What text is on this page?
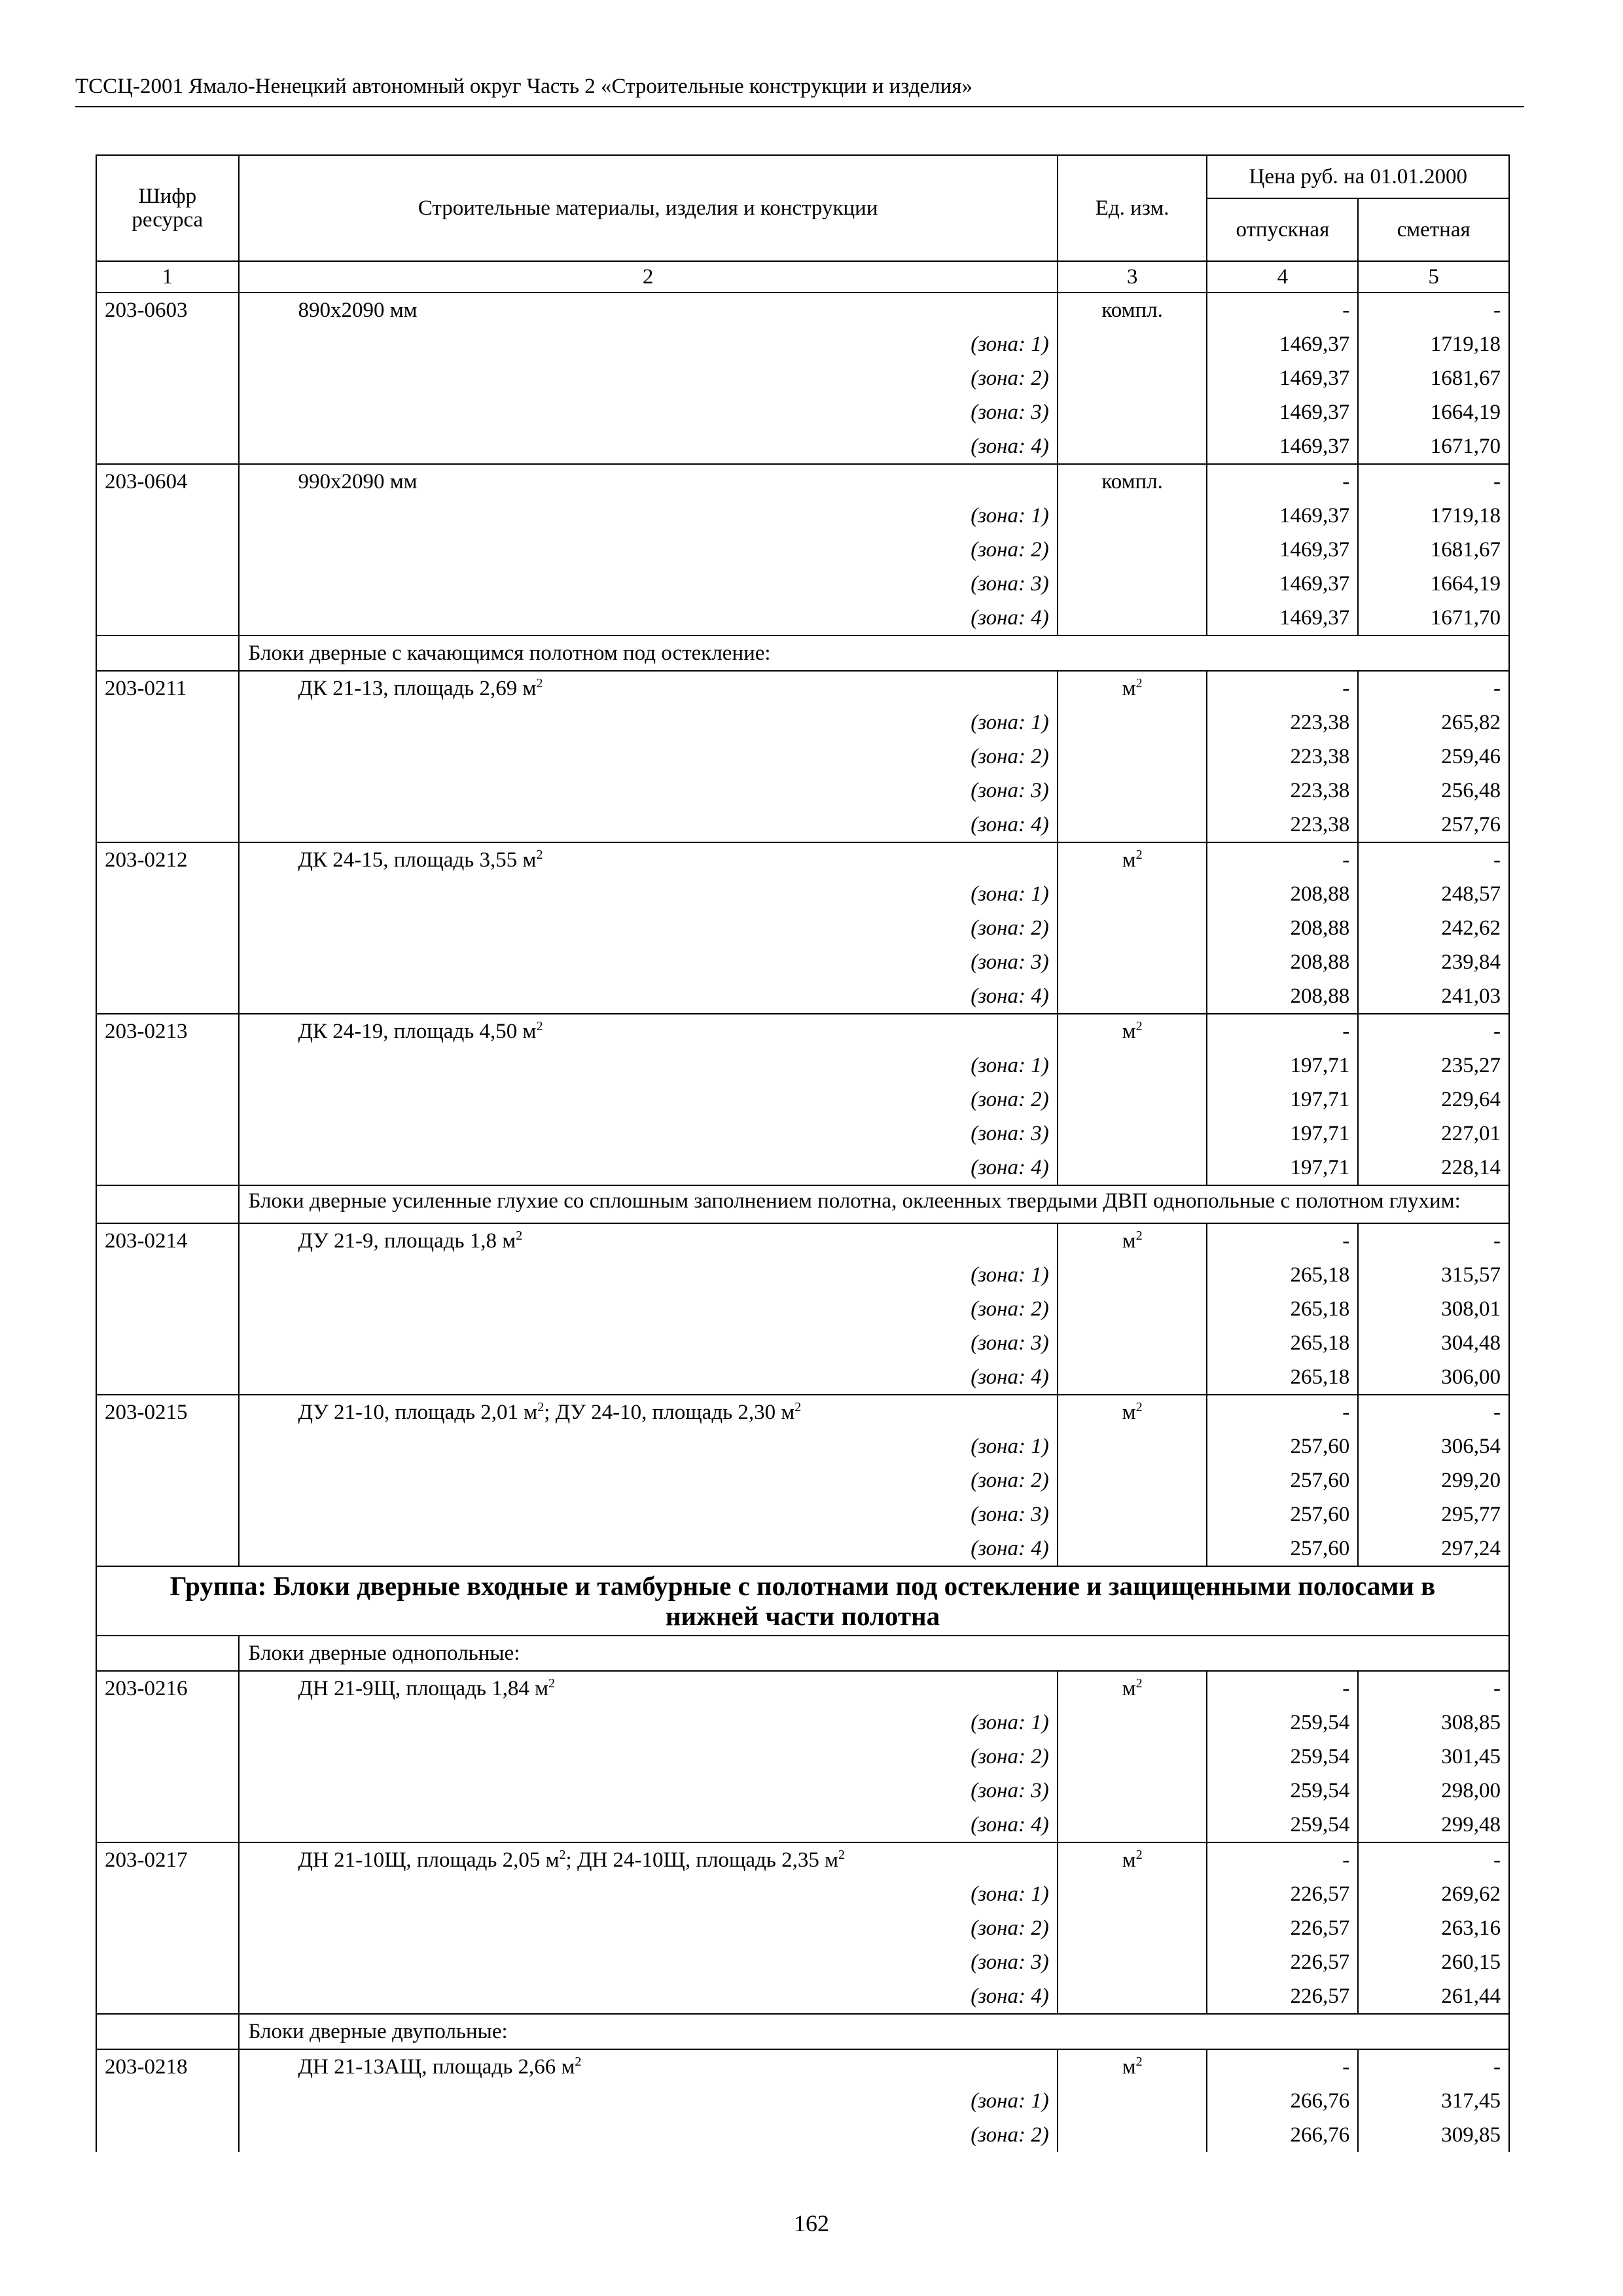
ТССЦ-2001 Ямало-Ненецкий автономный округ Часть 2 «Строительные конструкции и изделия»
Шифр ресурса	Строительные материалы, изделия и конструкции	Ед. изм.	Цена руб. на 01.01.2000	
			отпускная	сметная
1	2	3	4	5
203-0603	890х2090 мм	компл.	-	-
	(зона: 1)		1469,37	1719,18
	(зона: 2)		1469,37	1681,67
	(зона: 3)		1469,37	1664,19
	(зона: 4)		1469,37	1671,70
203-0604	990х2090 мм	компл.	-	-
	(зона: 1)		1469,37	1719,18
	(зона: 2)		1469,37	1681,67
	(зона: 3)		1469,37	1664,19
	(зона: 4)		1469,37	1671,70
	Блоки дверные с качающимся полотном под остекление:			
203-0211	ДК 21-13, площадь 2,69 $м^2$	$м^2$	-	-
	(зона: 1)		223,38	265,82
	(зона: 2)		223,38	259,46
	(зона: 3)		223,38	256,48
	(зона: 4)		223,38	257,76
203-0212	ДК 24-15, площадь 3,55 $м^2$	$м^2$	-	-
	(зона: 1)		208,88	248,57
	(зона: 2)		208,88	242,62
	(зона: 3)		208,88	239,84
	(зона: 4)		208,88	241,03
203-0213	ДК 24-19, площадь 4,50 $м^2$	$м^2$	-	-
	(зона: 1)		197,71	235,27
	(зона: 2)		197,71	229,64
	(зона: 3)		197,71	227,01
	(зона: 4)		197,71	228,14
	Блоки дверные усиленные глухие со сплошным заполнением полотна, оклеенных твердыми ДВП однопольные с полотном глухим:			
203-0214	ДУ 21-9, площадь 1,8 $м^2$	$м^2$	-	-
	(зона: 1)		265,18	315,57
	(зона: 2)		265,18	308,01
	(зона: 3)		265,18	304,48
	(зона: 4)		265,18	306,00
203-0215	ДУ 21-10, площадь 2,01 $м^2$; ДУ 24-10, площадь 2,30 $м^2$	$м^2$	-	-
	(зона: 1)		257,60	306,54
	(зона: 2)		257,60	299,20
	(зона: 3)		257,60	295,77
	(зона: 4)		257,60	297,24
Группа: Блоки дверные входные и тамбурные с полотнами под остекление и защищенными полосами в нижней части полотна				
	Блоки дверные однопольные:			
203-0216	ДН 21-9Щ, площадь 1,84 $м^2$	$м^2$	-	-
	(зона: 1)		259,54	308,85
	(зона: 2)		259,54	301,45
	(зона: 3)		259,54	298,00
	(зона: 4)		259,54	299,48
203-0217	ДН 21-10Щ, площадь 2,05 $м^2$; ДН 24-10Щ, площадь 2,35 $м^2$	$м^2$	-	-
	(зона: 1)		226,57	269,62
	(зона: 2)		226,57	263,16
	(зона: 3)		226,57	260,15
	(зона: 4)		226,57	261,44
	Блоки дверные двупольные:			
203-0218	ДН 21-13АЩ, площадь 2,66 $м^2$	$м^2$	-	-
	(зона: 1)		266,76	317,45
	(зона: 2)		266,76	309,85
162
